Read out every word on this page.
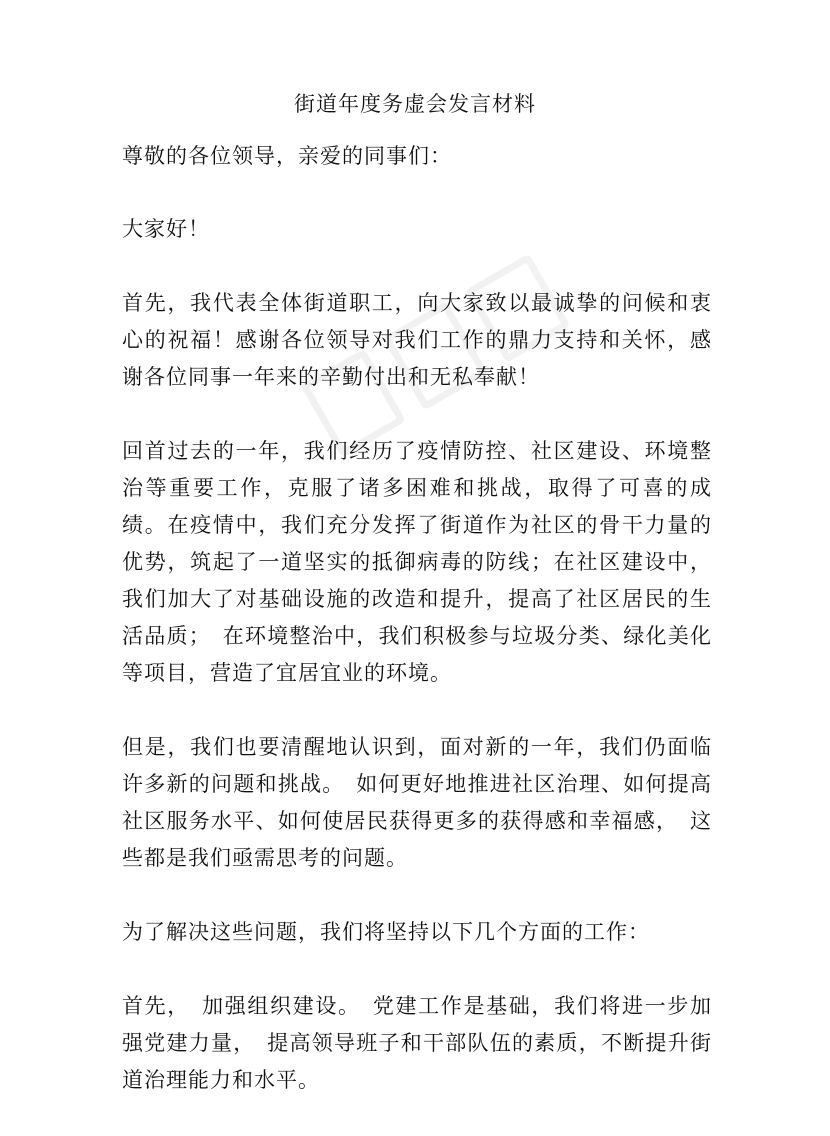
街道年度务虚会发言材料

尊敬的各位领导，亲爱的同事们：

大家好！

首先，我代表全体街道职工，向大家致以最诚挚的问候和衷心的祝福！感谢各位领导对我们工作的鼎力支持和关怀，感谢各位同事一年来的辛勤付出和无私奉献！

回首过去的一年，我们经历了疫情防控、社区建设、环境整治等重要工作，克服了诸多困难和挑战，取得了可喜的成绩。在疫情中，我们充分发挥了街道作为社区的骨干力量的优势，筑起了一道坚实的抵御病毒的防线；在社区建设中，我们加大了对基础设施的改造和提升，提高了社区居民的生活品质；　在环境整治中，我们积极参与垃圾分类、绿化美化等项目，营造了宜居宜业的环境。

但是，我们也要清醒地认识到，面对新的一年，我们仍面临许多新的问题和挑战。　如何更好地推进社区治理、如何提高社区服务水平、如何使居民获得更多的获得感和幸福感，　这些都是我们亟需思考的问题。

为了解决这些问题，我们将坚持以下几个方面的工作：

首先，　加强组织建设。　党建工作是基础，我们将进一步加强党建力量，　提高领导班子和干部队伍的素质，不断提升街道治理能力和水平。
